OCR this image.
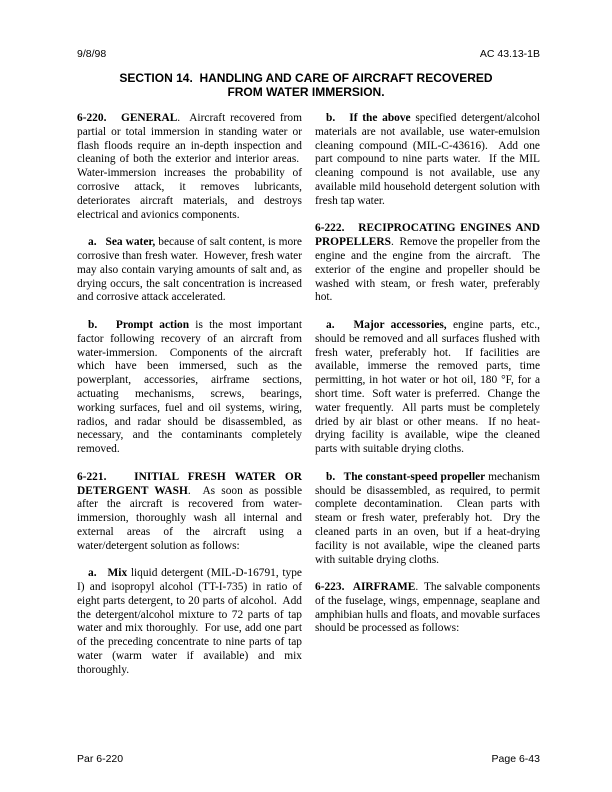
9/8/98	AC 43.13-1B
SECTION 14.  HANDLING AND CARE OF AIRCRAFT RECOVERED
FROM WATER IMMERSION.

6-220.   GENERAL.  Aircraft recovered from partial or total immersion in standing water or flash floods require an in-depth inspection and cleaning of both the exterior and interior areas.  Water-immersion increases the probability of corrosive attack, it removes lubricants, deteriorates aircraft materials, and destroys electrical and avionics components.

a.   Sea water, because of salt content, is more corrosive than fresh water.  However, fresh water may also contain varying amounts of salt and, as drying occurs, the salt concentration is increased and corrosive attack accelerated.

b.   Prompt action is the most important factor following recovery of an aircraft from water-immersion.  Components of the aircraft which have been immersed, such as the powerplant, accessories, airframe sections, actuating mechanisms, screws, bearings, working surfaces, fuel and oil systems, wiring, radios, and radar should be disassembled, as necessary, and the contaminants completely removed.

6-221.   INITIAL FRESH WATER OR DETERGENT WASH.  As soon as possible after the aircraft is recovered from water-immersion, thoroughly wash all internal and external areas of the aircraft using a water/detergent solution as follows:

a.   Mix liquid detergent (MIL-D-16791, type I) and isopropyl alcohol (TT-I-735) in ratio of eight parts detergent, to 20 parts of alcohol.  Add the detergent/alcohol mixture to 72 parts of tap water and mix thoroughly.  For use, add one part of the preceding concentrate to nine parts of tap water (warm water if available) and mix thoroughly.

b.   If the above specified detergent/alcohol materials are not available, use water-emulsion cleaning compound (MIL-C-43616).  Add one part compound to nine parts water.  If the MIL cleaning compound is not available, use any available mild household detergent solution with fresh tap water.

6-222.   RECIPROCATING ENGINES AND PROPELLERS.  Remove the propeller from the engine and the engine from the aircraft.  The exterior of the engine and propeller should be washed with steam, or fresh water, preferably hot.

a.   Major accessories, engine parts, etc., should be removed and all surfaces flushed with fresh water, preferably hot.  If facilities are available, immerse the removed parts, time permitting, in hot water or hot oil, 180 °F, for a short time.  Soft water is preferred.  Change the water frequently.  All parts must be completely dried by air blast or other means.  If no heat-drying facility is available, wipe the cleaned parts with suitable drying cloths.

b.   The constant-speed propeller mechanism should be disassembled, as required, to permit complete decontamination.  Clean parts with steam or fresh water, preferably hot.  Dry the cleaned parts in an oven, but if a heat-drying facility is not available, wipe the cleaned parts with suitable drying cloths.

6-223.   AIRFRAME.  The salvable components of the fuselage, wings, empennage, seaplane and amphibian hulls and floats, and movable surfaces should be processed as follows:

Par 6-220	Page 6-43
